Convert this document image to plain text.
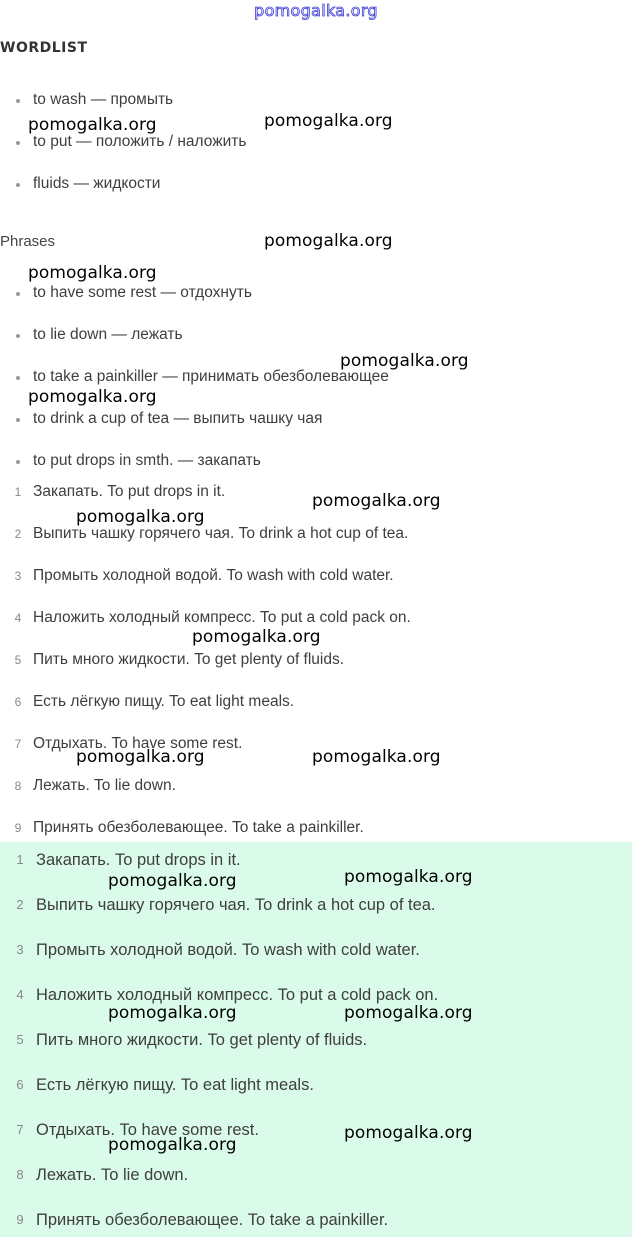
pomogalka.org
WORDLIST
to wash — промыть
to put — положить / наложить
fluids — жидкости
Phrases
to have some rest — отдохнуть
to lie down — лежать
to take a painkiller — принимать обезболевающее
to drink a cup of tea — выпить чашку чая
to put drops in smth. — закапать
1 Закапать. To put drops in it.
2 Выпить чашку горячего чая. To drink a hot cup of tea.
3 Промыть холодной водой. To wash with cold water.
4 Наложить холодный компресс. To put a cold pack on.
5 Пить много жидкости. To get plenty of fluids.
6 Есть лёгкую пищу. To eat light meals.
7 Отдыхать. To have some rest.
8 Лежать. To lie down.
9 Принять обезболевающее. To take a painkiller.
1 Закапать. To put drops in it.
2 Выпить чашку горячего чая. To drink a hot cup of tea.
3 Промыть холодной водой. To wash with cold water.
4 Наложить холодный компресс. To put a cold pack on.
5 Пить много жидкости. To get plenty of fluids.
6 Есть лёгкую пищу. To eat light meals.
7 Отдыхать. To have some rest.
8 Лежать. To lie down.
9 Принять обезболевающее. To take a painkiller.
pomogalka.org	pomogalka.org
pomogalka.org
pomogalka.org
pomogalka.org
pomogalka.org
pomogalka.org
pomogalka.org
pomogalka.org
pomogalka.org	pomogalka.org
pomogalka.org	pomogalka.org
pomogalka.org	pomogalka.org
pomogalka.org
pomogalka.org
